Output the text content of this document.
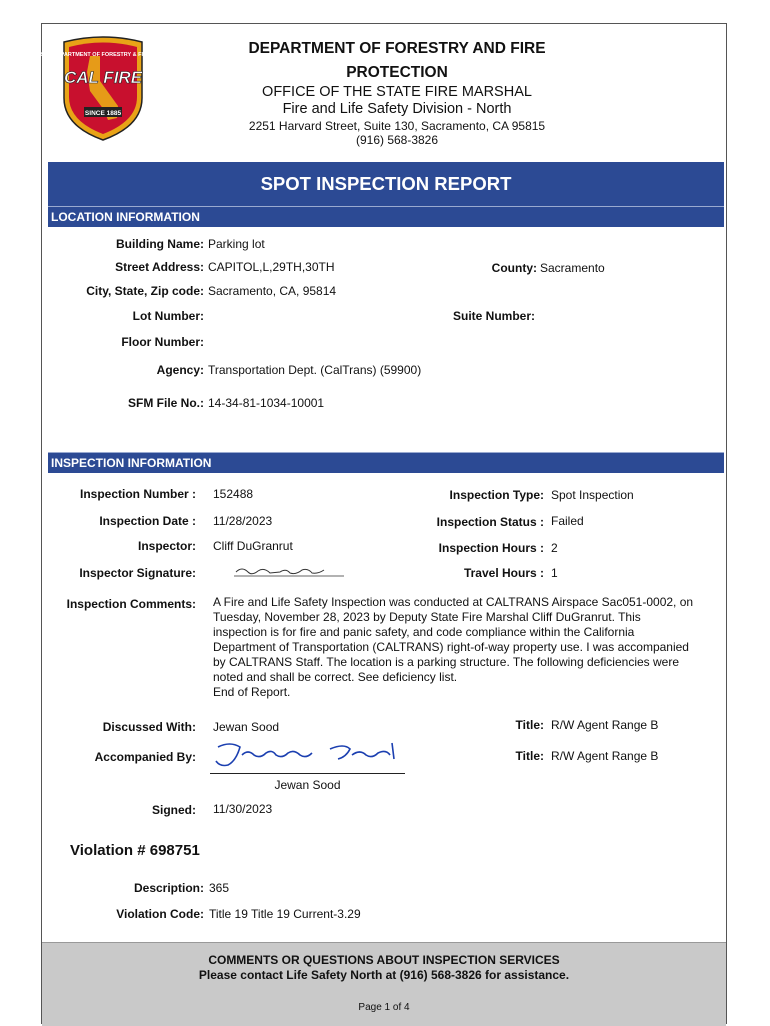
CALIFORNIA DEPARTMENT OF FORESTRY & FIRE PROTECTION
CAL FIRE
SINCE 1885
DEPARTMENT OF FORESTRY AND FIRE
PROTECTION
OFFICE OF THE STATE FIRE MARSHAL
Fire and Life Safety Division - North
2251 Harvard Street, Suite 130, Sacramento, CA 95815
(916) 568-3826
SPOT INSPECTION REPORT
LOCATION INFORMATION
Building Name: Parking lot
Street Address: CAPITOL,L,29TH,30TH	County: Sacramento
City, State, Zip code: Sacramento, CA, 95814
Lot Number:	Suite Number:
Floor Number:
Agency: Transportation Dept. (CalTrans) (59900)
SFM File No.: 14-34-81-1034-10001
INSPECTION INFORMATION
Inspection Number : 152488	Inspection Type: Spot Inspection
Inspection Date : 11/28/2023	Inspection Status : Failed
Inspector: Cliff DuGranrut	Inspection Hours : 2
Inspector Signature:	Travel Hours : 1
Inspection Comments: A Fire and Life Safety Inspection was conducted at CALTRANS Airspace Sac051-0002, on
Tuesday, November 28, 2023 by Deputy State Fire Marshal Cliff DuGranrut. This
inspection is for fire and panic safety, and code compliance within the California
Department of Transportation (CALTRANS) right-of-way property use. I was accompanied
by CALTRANS Staff. The location is a parking structure. The following deficiencies were
noted and shall be correct. See deficiency list.
End of Report.
Discussed With: Jewan Sood	Title: R/W Agent Range B
Accompanied By:	Title: R/W Agent Range B
Jewan Sood
Signed: 11/30/2023
Violation # 698751
Description: 365
Violation Code: Title 19 Title 19 Current-3.29
COMMENTS OR QUESTIONS ABOUT INSPECTION SERVICES
Please contact Life Safety North at (916) 568-3826 for assistance.
Page 1 of 4
